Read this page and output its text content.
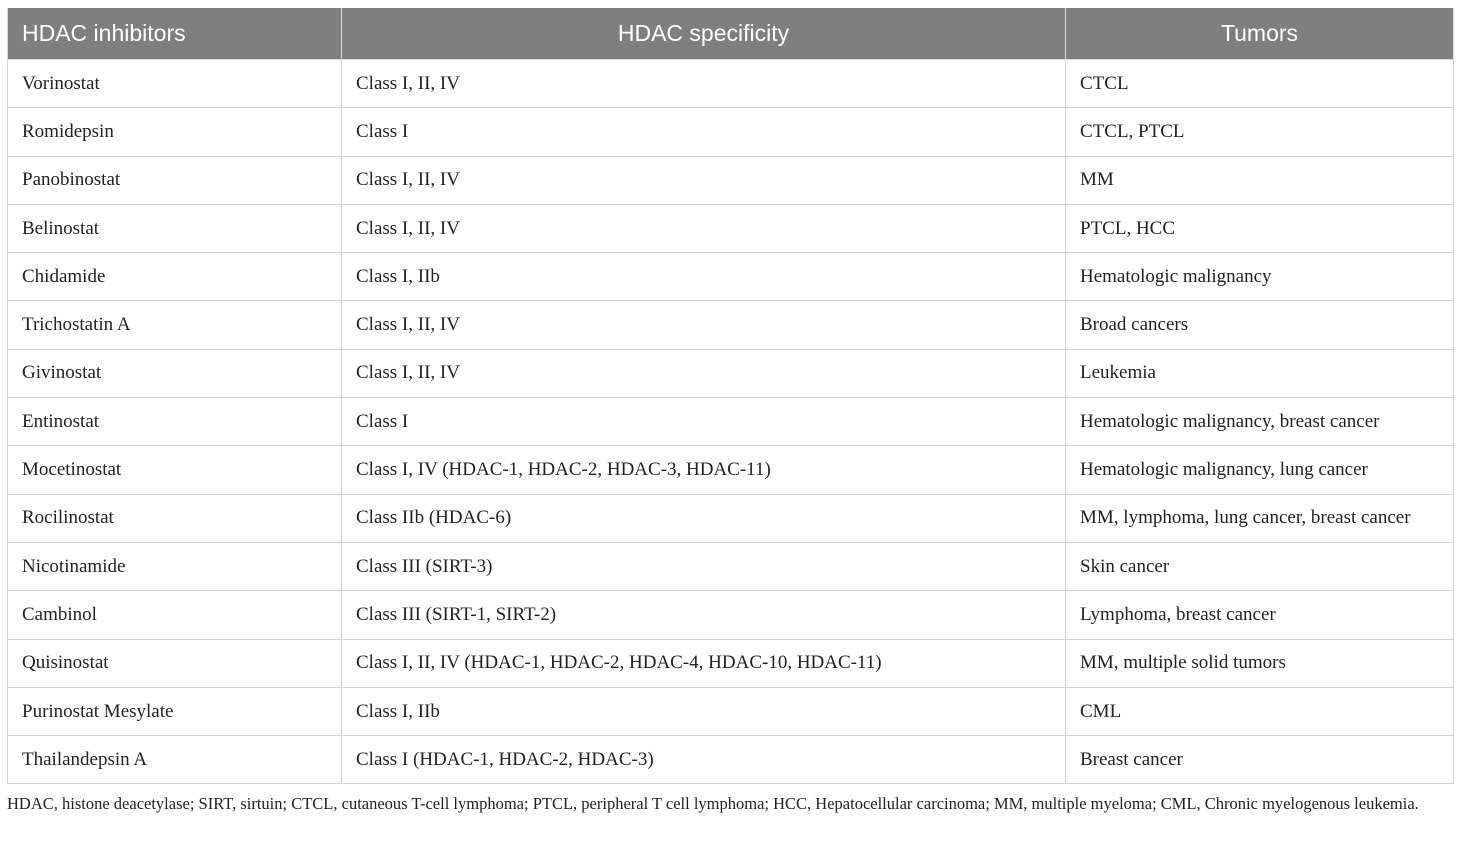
HDAC inhibitors	HDAC specificity	Tumors
Vorinostat	Class I, II, IV	CTCL
Romidepsin	Class I	CTCL, PTCL
Panobinostat	Class I, II, IV	MM
Belinostat	Class I, II, IV	PTCL, HCC
Chidamide	Class I, IIb	Hematologic malignancy
Trichostatin A	Class I, II, IV	Broad cancers
Givinostat	Class I, II, IV	Leukemia
Entinostat	Class I	Hematologic malignancy, breast cancer
Mocetinostat	Class I, IV (HDAC-1, HDAC-2, HDAC-3, HDAC-11)	Hematologic malignancy, lung cancer
Rocilinostat	Class IIb (HDAC-6)	MM, lymphoma, lung cancer, breast cancer
Nicotinamide	Class III (SIRT-3)	Skin cancer
Cambinol	Class III (SIRT-1, SIRT-2)	Lymphoma, breast cancer
Quisinostat	Class I, II, IV (HDAC-1, HDAC-2, HDAC-4, HDAC-10, HDAC-11)	MM, multiple solid tumors
Purinostat Mesylate	Class I, IIb	CML
Thailandepsin A	Class I (HDAC-1, HDAC-2, HDAC-3)	Breast cancer
HDAC, histone deacetylase; SIRT, sirtuin; CTCL, cutaneous T-cell lymphoma; PTCL, peripheral T cell lymphoma; HCC, Hepatocellular carcinoma; MM, multiple myeloma; CML, Chronic myelogenous leukemia.
